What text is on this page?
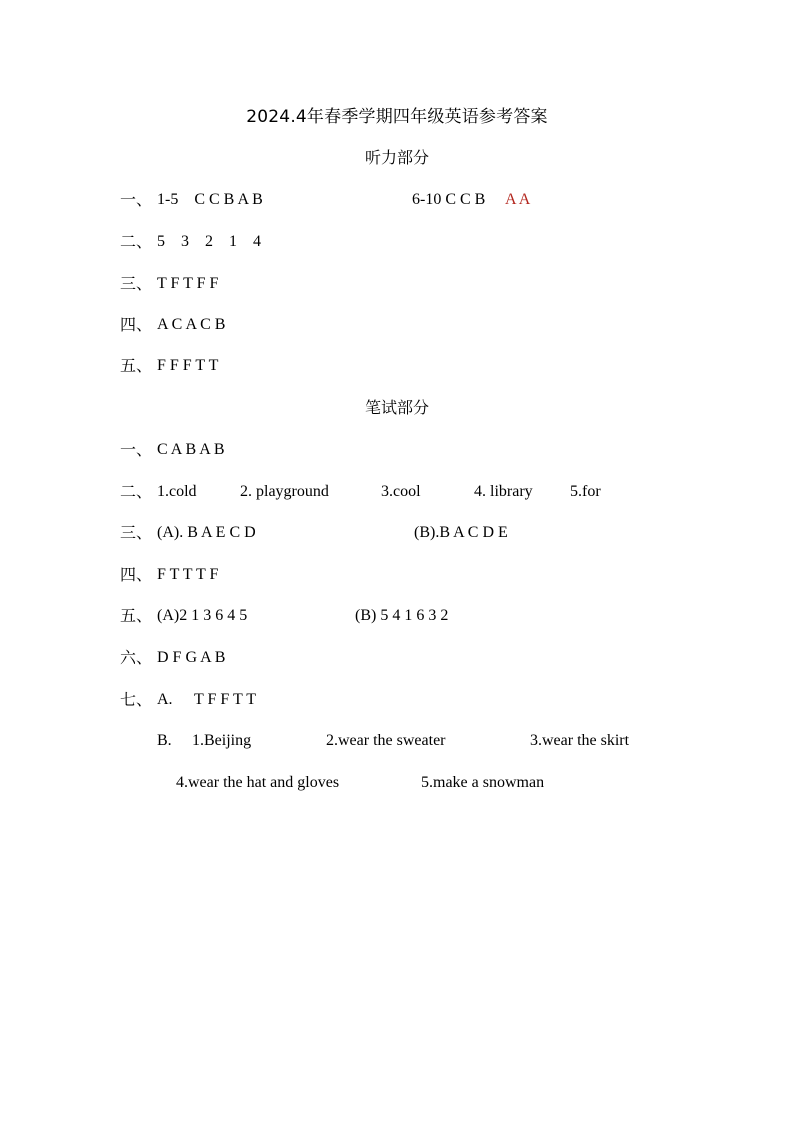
2024.4年春季学期四年级英语参考答案
听力部分
一、 1-5    C C B A B	6-10 C C B A A
二、 5    3    2    1    4
三、 T F T F F
四、 A C A C B
五、 F F F T T
笔试部分
一、 C A B A B
二、 1.cold	2. playground	3.cool	4. library 5.for
三、 (A). B A E C D	(B).B A C D E
四、 F T T T F
五、 (A)2 1 3 6 4 5	(B) 5 4 1 6 3 2
六、 D F G A B
七、 A. T F F T T
B. 1.Beijing	2.wear the sweater	3.wear the skirt
4.wear the hat and gloves	5.make a snowman
